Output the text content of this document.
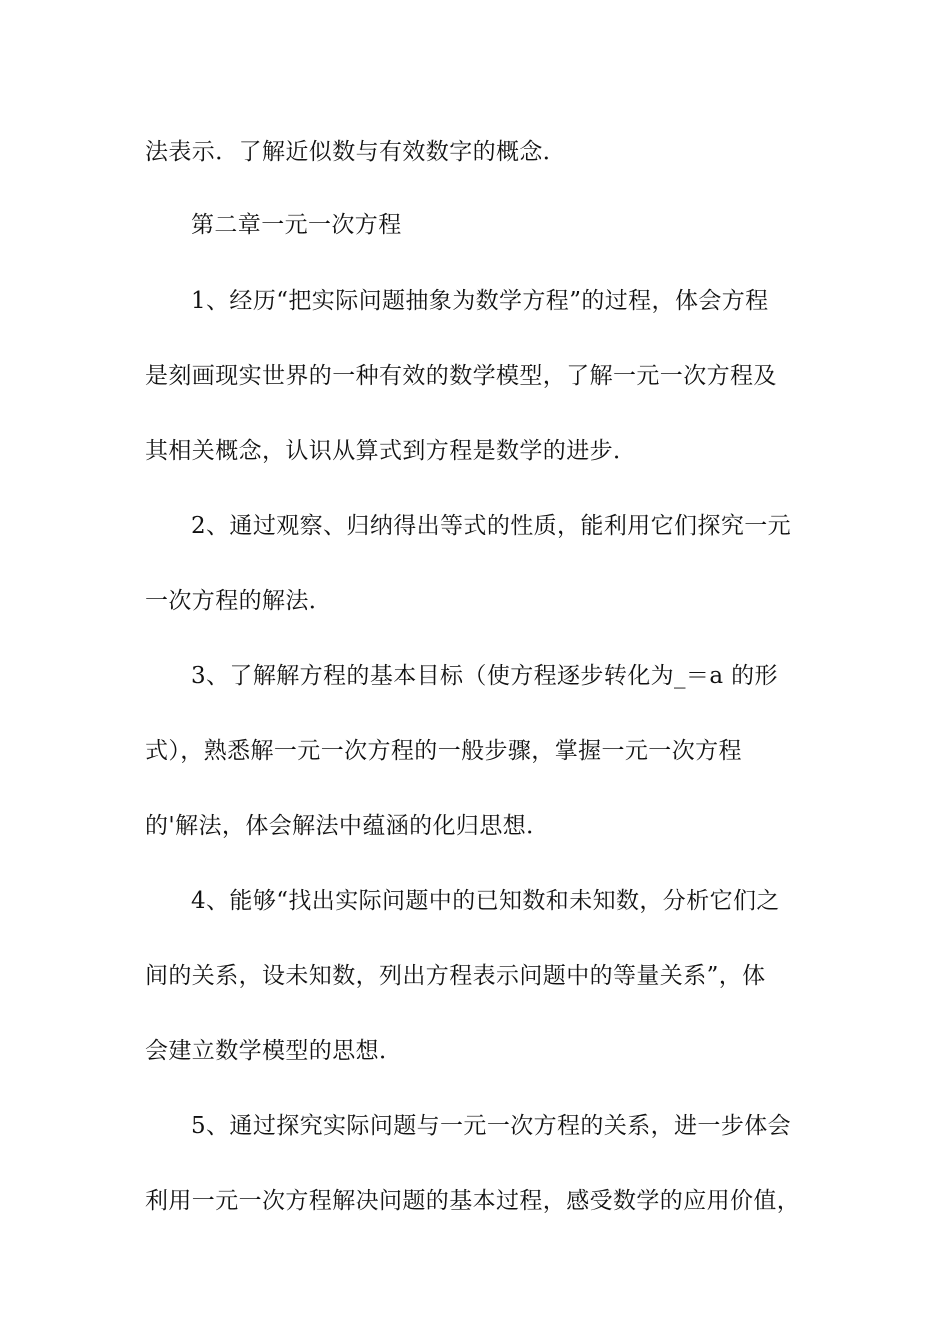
法表示．了解近似数与有效数字的概念．
第二章一元一次方程
1、经历“把实际问题抽象为数学方程”的过程，体会方程
是刻画现实世界的一种有效的数学模型，了解一元一次方程及
其相关概念，认识从算式到方程是数学的进步．
2、通过观察、归纳得出等式的性质，能利用它们探究一元
一次方程的解法．
3、了解解方程的基本目标（使方程逐步转化为_＝a 的形
式），熟悉解一元一次方程的一般步骤，掌握一元一次方程
的'解法，体会解法中蕴涵的化归思想．
4、能够“找出实际问题中的已知数和未知数，分析它们之
间的关系，设未知数，列出方程表示问题中的等量关系”，体
会建立数学模型的思想．
5、通过探究实际问题与一元一次方程的关系，进一步体会
利用一元一次方程解决问题的基本过程，感受数学的应用价值，
